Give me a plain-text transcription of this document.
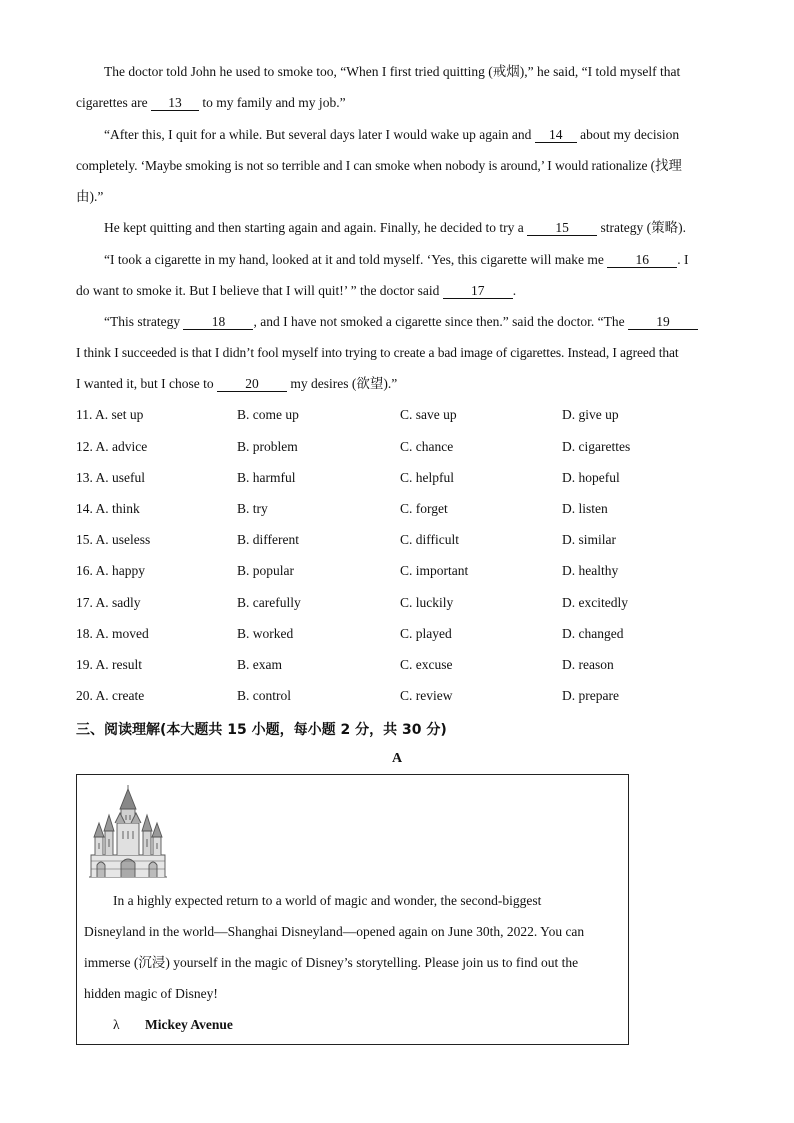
The doctor told John he used to smoke too, “When I first tried quitting (戒烟),” he said, “I told myself that
cigarettes are 13 to my family and my job.”
“After this, I quit for a while. But several days later I would wake up again and 14 about my decision
completely. ‘Maybe smoking is not so terrible and I can smoke when nobody is around,’ I would rationalize (找理
由).”
He kept quitting and then starting again and again. Finally, he decided to try a 15 strategy (策略).
“I took a cigarette in my hand, looked at it and told myself. ‘Yes, this cigarette will make me 16 . I
do want to smoke it. But I believe that I will quit!’ ” the doctor said 17 .
“This strategy 18 , and I have not smoked a cigarette since then.” said the doctor. “The 19
I think I succeeded is that I didn’t fool myself into trying to create a bad image of cigarettes. Instead, I agreed that
I wanted it, but I chose to 20 my desires (欲望).”
11. A. set up	B. come up	C. save up	D. give up
12. A. advice	B. problem	C. chance	D. cigarettes
13. A. useful	B. harmful	C. helpful	D. hopeful
14. A. think	B. try	C. forget	D. listen
15. A. useless	B. different	C. difficult	D. similar
16. A. happy	B. popular	C. important	D. healthy
17. A. sadly	B. carefully	C. luckily	D. excitedly
18. A. moved	B. worked	C. played	D. changed
19. A. result	B. exam	C. excuse	D. reason
20. A. create	B. control	C. review	D. prepare
三、阅读理解(本大题共 15 小题，每小题 2 分，共 30 分)
A
In a highly expected return to a world of magic and wonder, the second-biggest
Disneyland in the world—Shanghai Disneyland—opened again on June 30th, 2022. You can
immerse (沉浸) yourself in the magic of Disney’s storytelling. Please join us to find out the
hidden magic of Disney!
λ Mickey Avenue
